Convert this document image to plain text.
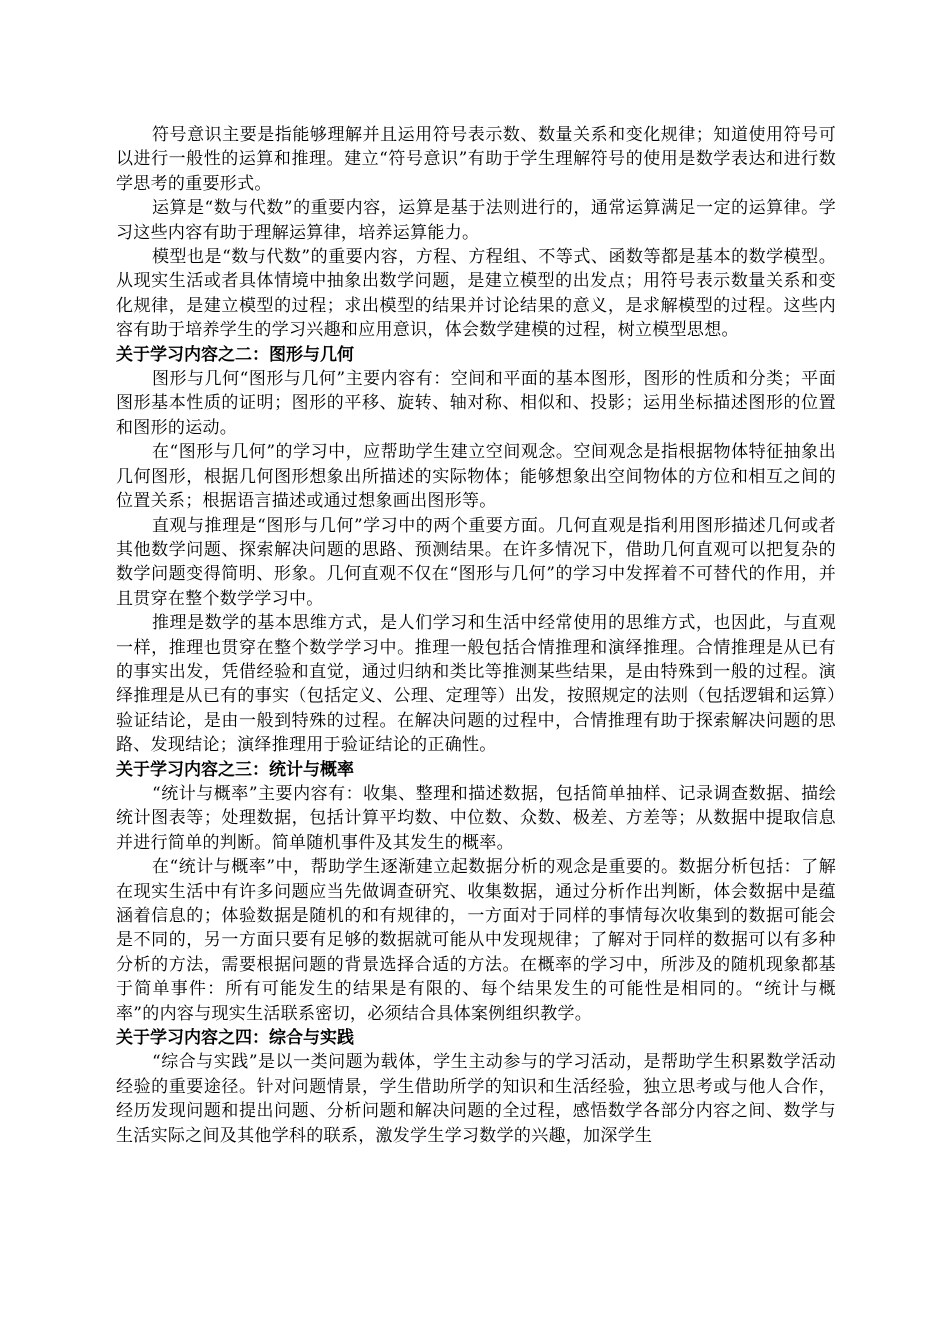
符号意识主要是指能够理解并且运用符号表示数、数量关系和变化规律；知道使用符号可以进行一般性的运算和推理。建立“符号意识”有助于学生理解符号的使用是数学表达和进行数学思考的重要形式。

运算是“数与代数”的重要内容，运算是基于法则进行的，通常运算满足一定的运算律。学习这些内容有助于理解运算律，培养运算能力。

模型也是“数与代数”的重要内容，方程、方程组、不等式、函数等都是基本的数学模型。从现实生活或者具体情境中抽象出数学问题，是建立模型的出发点；用符号表示数量关系和变化规律，是建立模型的过程；求出模型的结果并讨论结果的意义，是求解模型的过程。这些内容有助于培养学生的学习兴趣和应用意识，体会数学建模的过程，树立模型思想。

关于学习内容之二：图形与几何

图形与几何“图形与几何”主要内容有：空间和平面的基本图形，图形的性质和分类；平面图形基本性质的证明；图形的平移、旋转、轴对称、相似和、投影；运用坐标描述图形的位置和图形的运动。

在“图形与几何”的学习中，应帮助学生建立空间观念。空间观念是指根据物体特征抽象出几何图形，根据几何图形想象出所描述的实际物体；能够想象出空间物体的方位和相互之间的位置关系；根据语言描述或通过想象画出图形等。

直观与推理是“图形与几何”学习中的两个重要方面。几何直观是指利用图形描述几何或者其他数学问题、探索解决问题的思路、预测结果。在许多情况下，借助几何直观可以把复杂的数学问题变得简明、形象。几何直观不仅在“图形与几何”的学习中发挥着不可替代的作用，并且贯穿在整个数学学习中。

推理是数学的基本思维方式，是人们学习和生活中经常使用的思维方式，也因此，与直观一样，推理也贯穿在整个数学学习中。推理一般包括合情推理和演绎推理。合情推理是从已有的事实出发，凭借经验和直觉，通过归纳和类比等推测某些结果，是由特殊到一般的过程。演绎推理是从已有的事实（包括定义、公理、定理等）出发，按照规定的法则（包括逻辑和运算）验证结论，是由一般到特殊的过程。在解决问题的过程中，合情推理有助于探索解决问题的思路、发现结论；演绎推理用于验证结论的正确性。

关于学习内容之三：统计与概率

“统计与概率”主要内容有：收集、整理和描述数据，包括简单抽样、记录调查数据、描绘统计图表等；处理数据，包括计算平均数、中位数、众数、极差、方差等；从数据中提取信息并进行简单的判断。简单随机事件及其发生的概率。

在“统计与概率”中，帮助学生逐渐建立起数据分析的观念是重要的。数据分析包括：了解在现实生活中有许多问题应当先做调查研究、收集数据，通过分析作出判断，体会数据中是蕴涵着信息的；体验数据是随机的和有规律的，一方面对于同样的事情每次收集到的数据可能会是不同的，另一方面只要有足够的数据就可能从中发现规律；了解对于同样的数据可以有多种分析的方法，需要根据问题的背景选择合适的方法。在概率的学习中，所涉及的随机现象都基于简单事件：所有可能发生的结果是有限的、每个结果发生的可能性是相同的。“统计与概率”的内容与现实生活联系密切，必须结合具体案例组织教学。

关于学习内容之四：综合与实践

“综合与实践”是以一类问题为载体，学生主动参与的学习活动，是帮助学生积累数学活动经验的重要途径。针对问题情景，学生借助所学的知识和生活经验，独立思考或与他人合作，经历发现问题和提出问题、分析问题和解决问题的全过程，感悟数学各部分内容之间、数学与生活实际之间及其他学科的联系，激发学生学习数学的兴趣，加深学生
